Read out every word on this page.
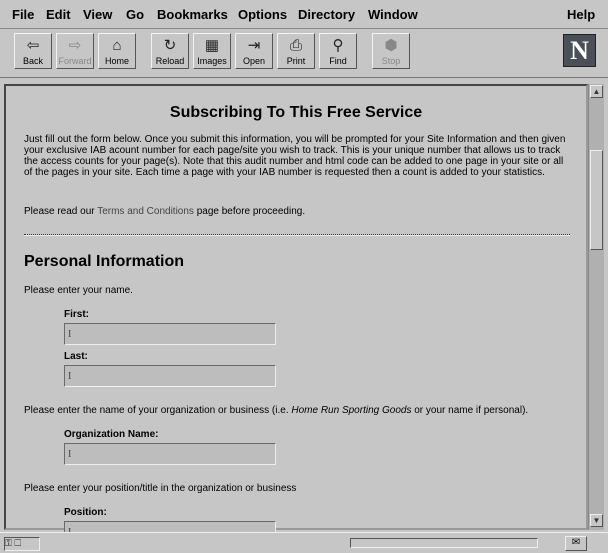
File Edit View Go Bookmarks Options Directory Window	Help
⇦
Back
⇨
Forward
⌂
Home
↻
Reload
▦
Images
⇥
Open
⎙
Print
⚲
Find
⬢
Stop	N
Subscribing To This Free Service
Just fill out the form below. Once you submit this information, you will be prompted for your Site Information and then given your exclusive IAB acount number for each page/site you wish to track. This is your unique number that allows us to track the access counts for your page(s). Note that this audit number and html code can be added to one page in your site or all of the pages in your site. Each time a page with your IAB number is requested then a count is added to your statistics.
Please read our Terms and Conditions page before proceeding.
Personal Information
Please enter your name.
First:
I
Last:
I
Please enter the name of your organization or business (i.e. Home Run Sporting Goods or your name if personal).
Organization Name:
I
Please enter your position/title in the organization or business
Position:
▲
▼
⚿ ☐	✉
